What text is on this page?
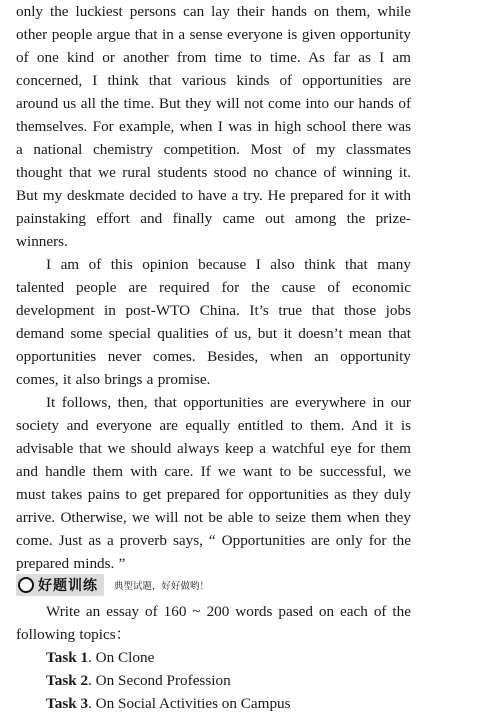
only the luckiest persons can lay their hands on them, while other people argue that in a sense everyone is given opportunity of one kind or another from time to time. As far as I am concerned, I think that various kinds of opportunities are around us all the time. But they will not come into our hands of themselves. For example, when I was in high school there was a national chemistry competition. Most of my classmates thought that we rural students stood no chance of winning it. But my deskmate decided to have a try. He prepared for it with painstaking effort and finally came out among the prize-winners.

I am of this opinion because I also think that many talented people are required for the cause of economic development in post-WTO China. It’s true that those jobs demand some special qualities of us, but it doesn’t mean that opportunities never comes. Besides, when an opportunity comes, it also brings a promise.

It follows, then, that opportunities are everywhere in our society and everyone are equally entitled to them. And it is advisable that we should always keep a watchful eye for them and handle them with care. If we want to be successful, we must takes pains to get prepared for opportunities as they duly arrive. Otherwise, we will not be able to seize them when they come. Just as a proverb says, “ Opportunities are only for the prepared minds. ”

好题训练 典型试题，好好做哟！

Write an essay of 160 ~ 200 words pased on each of the following topics：

Task 1. On Clone

Task 2. On Second Profession

Task 3. On Social Activities on Campus
